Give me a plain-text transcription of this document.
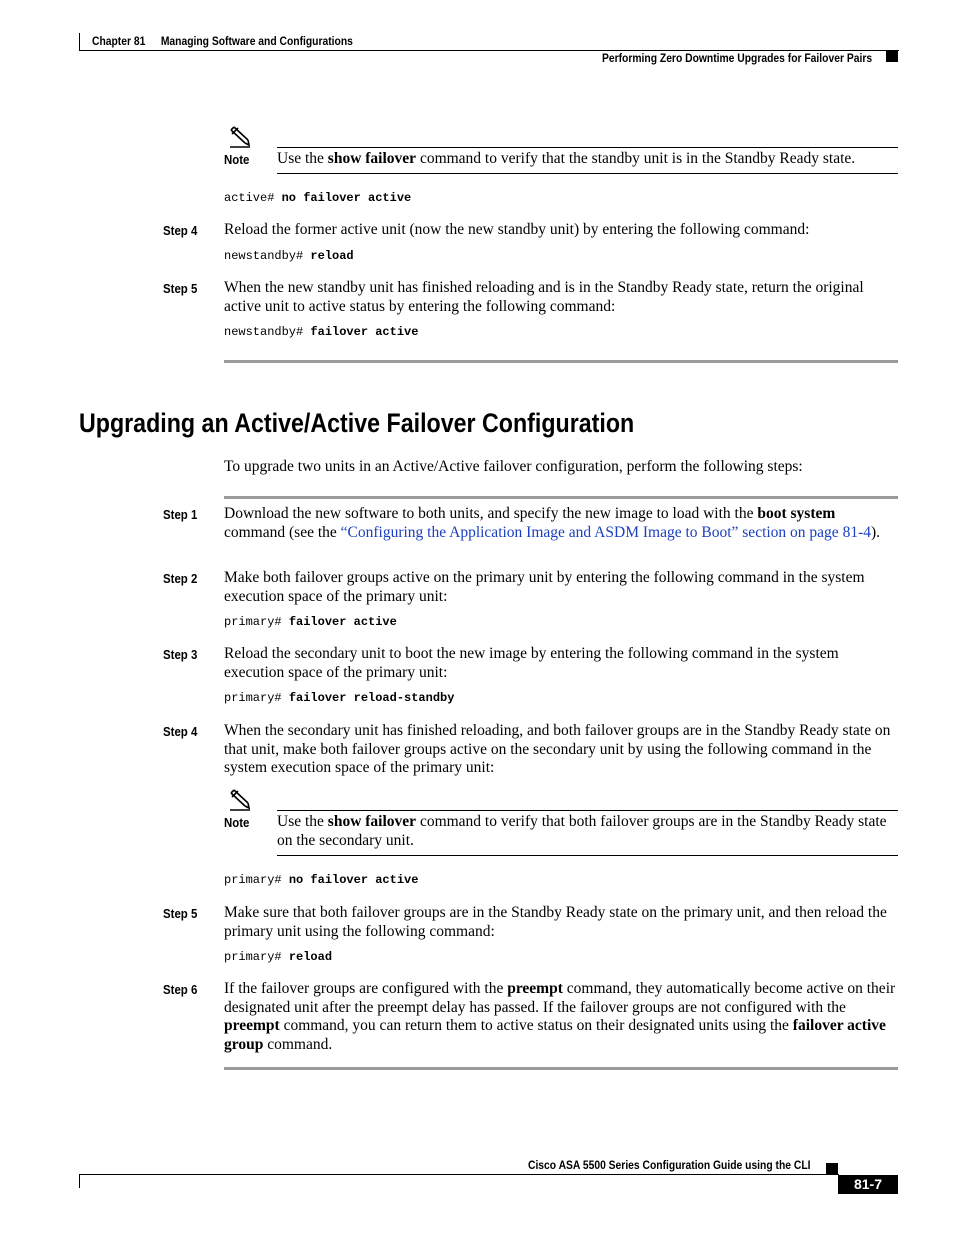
Chapter 81 Managing Software and Configurations
Performing Zero Downtime Upgrades for Failover Pairs
Note Use the show failover command to verify that the standby unit is in the Standby Ready state.
active# no failover active
Step 4 Reload the former active unit (now the new standby unit) by entering the following command:
newstandby# reload
Step 5 When the new standby unit has finished reloading and is in the Standby Ready state, return the original active unit to active status by entering the following command:
newstandby# failover active
Upgrading an Active/Active Failover Configuration
To upgrade two units in an Active/Active failover configuration, perform the following steps:
Step 1 Download the new software to both units, and specify the new image to load with the boot system command (see the “Configuring the Application Image and ASDM Image to Boot” section on page 81-4).
Step 2 Make both failover groups active on the primary unit by entering the following command in the system execution space of the primary unit:
primary# failover active
Step 3 Reload the secondary unit to boot the new image by entering the following command in the system execution space of the primary unit:
primary# failover reload-standby
Step 4 When the secondary unit has finished reloading, and both failover groups are in the Standby Ready state on that unit, make both failover groups active on the secondary unit by using the following command in the system execution space of the primary unit:
Note Use the show failover command to verify that both failover groups are in the Standby Ready state on the secondary unit.
primary# no failover active
Step 5 Make sure that both failover groups are in the Standby Ready state on the primary unit, and then reload the primary unit using the following command:
primary# reload
Step 6 If the failover groups are configured with the preempt command, they automatically become active on their designated unit after the preempt delay has passed. If the failover groups are not configured with the preempt command, you can return them to active status on their designated units using the failover active group command.
Cisco ASA 5500 Series Configuration Guide using the CLI
81-7
